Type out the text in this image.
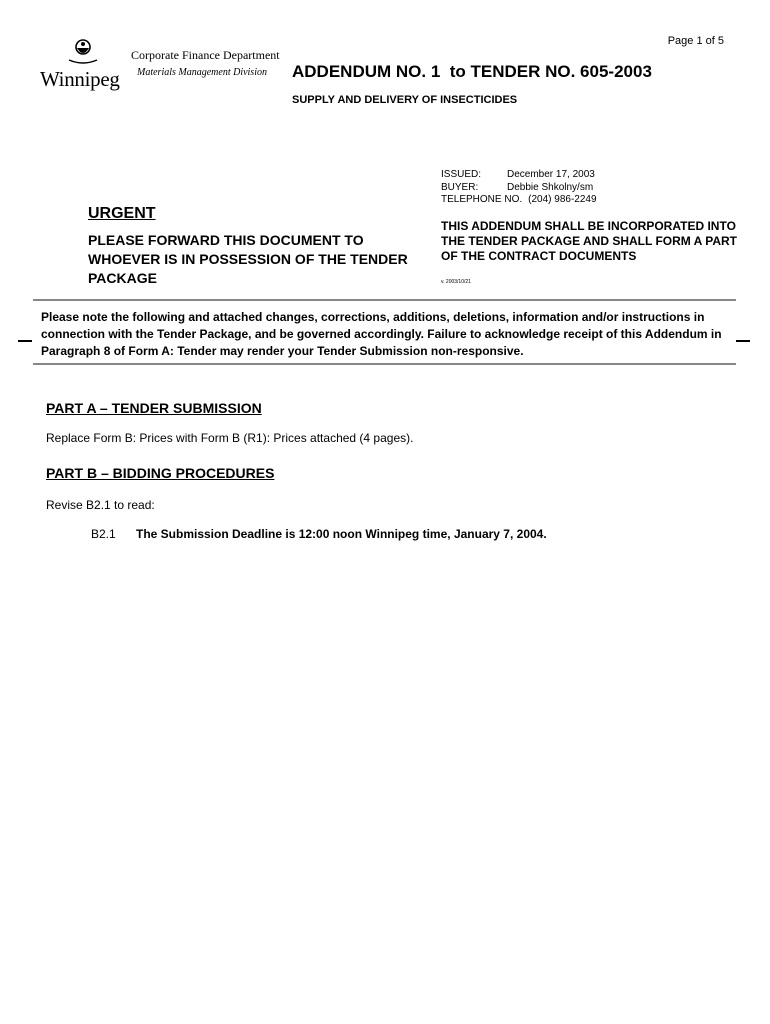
Page 1 of 5
Winnipeg
Corporate Finance Department
Materials Management Division ADDENDUM NO. 1  to TENDER NO. 605-2003
SUPPLY AND DELIVERY OF INSECTICIDES
ISSUED:	December 17, 2003
BUYER:	Debbie Shkolny/sm
TELEPHONE NO. (204) 986-2249
URGENT
PLEASE FORWARD THIS DOCUMENT TO WHOEVER IS IN POSSESSION OF THE TENDER PACKAGE
THIS ADDENDUM SHALL BE INCORPORATED INTO THE TENDER PACKAGE AND SHALL FORM A PART OF THE CONTRACT DOCUMENTS
v. 2003/10/21
Please note the following and attached changes, corrections, additions, deletions, information and/or instructions in connection with the Tender Package, and be governed accordingly. Failure to acknowledge receipt of this Addendum in Paragraph 8 of Form A: Tender may render your Tender Submission non-responsive.
PART A – TENDER SUBMISSION
Replace Form B: Prices with Form B (R1): Prices attached (4 pages).
PART B – BIDDING PROCEDURES
Revise B2.1 to read:
B2.1 The Submission Deadline is 12:00 noon Winnipeg time, January 7, 2004.
